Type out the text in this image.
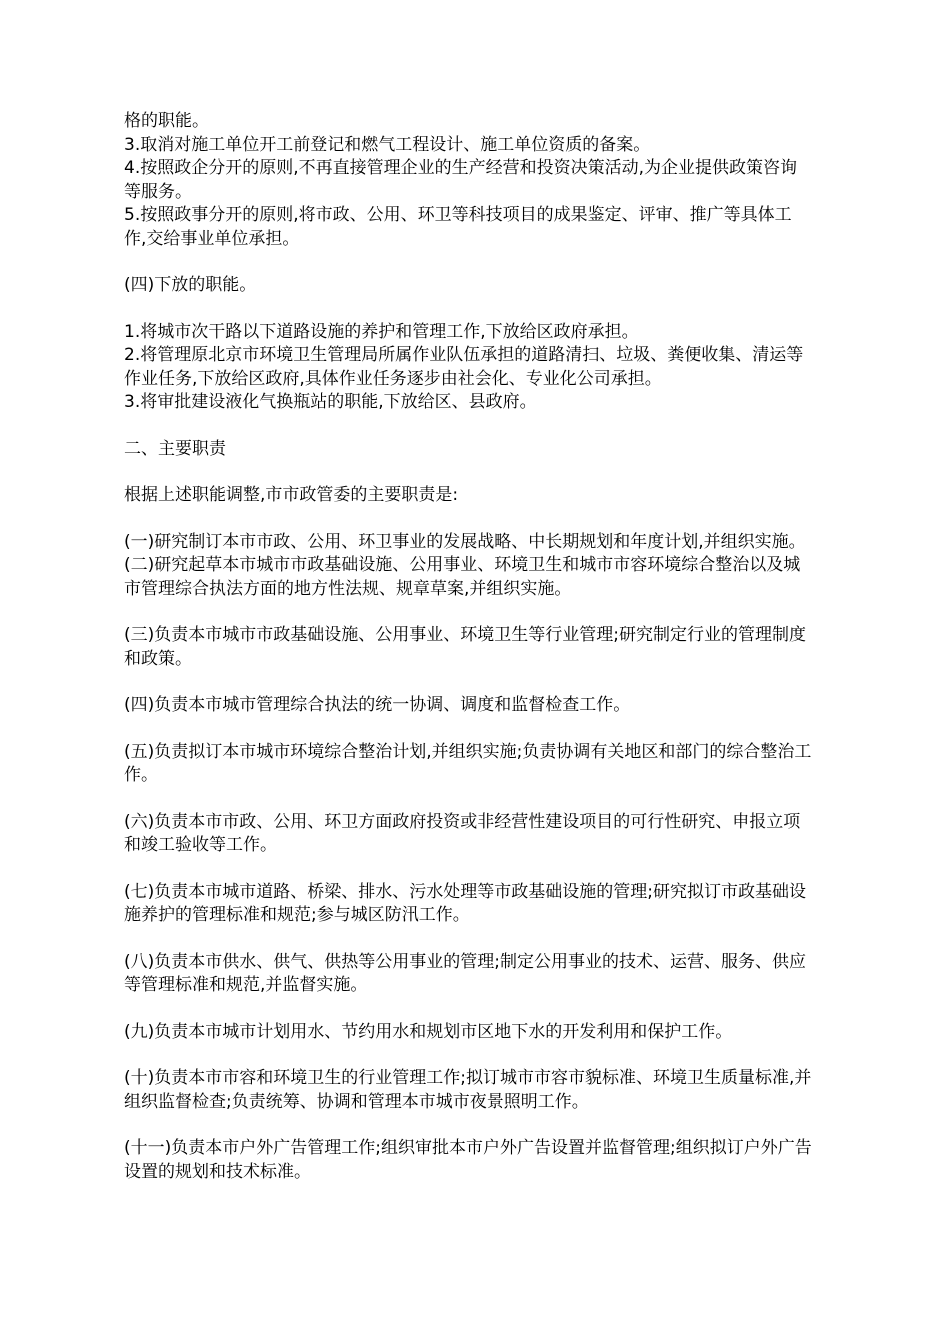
格的职能。
3.取消对施工单位开工前登记和燃气工程设计、施工单位资质的备案。
4.按照政企分开的原则,不再直接管理企业的生产经营和投资决策活动,为企业提供政策咨询
等服务。
5.按照政事分开的原则,将市政、公用、环卫等科技项目的成果鉴定、评审、推广等具体工
作,交给事业单位承担。
(四)下放的职能。
1.将城市次干路以下道路设施的养护和管理工作,下放给区政府承担。
2.将管理原北京市环境卫生管理局所属作业队伍承担的道路清扫、垃圾、粪便收集、清运等
作业任务,下放给区政府,具体作业任务逐步由社会化、专业化公司承担。
3.将审批建设液化气换瓶站的职能,下放给区、县政府。
二、主要职责
根据上述职能调整,市市政管委的主要职责是:
(一)研究制订本市市政、公用、环卫事业的发展战略、中长期规划和年度计划,并组织实施。
(二)研究起草本市城市市政基础设施、公用事业、环境卫生和城市市容环境综合整治以及城
市管理综合执法方面的地方性法规、规章草案,并组织实施。
(三)负责本市城市市政基础设施、公用事业、环境卫生等行业管理;研究制定行业的管理制度
和政策。
(四)负责本市城市管理综合执法的统一协调、调度和监督检查工作。
(五)负责拟订本市城市环境综合整治计划,并组织实施;负责协调有关地区和部门的综合整治工
作。
(六)负责本市市政、公用、环卫方面政府投资或非经营性建设项目的可行性研究、申报立项
和竣工验收等工作。
(七)负责本市城市道路、桥梁、排水、污水处理等市政基础设施的管理;研究拟订市政基础设
施养护的管理标准和规范;参与城区防汛工作。
(八)负责本市供水、供气、供热等公用事业的管理;制定公用事业的技术、运营、服务、供应
等管理标准和规范,并监督实施。
(九)负责本市城市计划用水、节约用水和规划市区地下水的开发利用和保护工作。
(十)负责本市市容和环境卫生的行业管理工作;拟订城市市容市貌标准、环境卫生质量标准,并
组织监督检查;负责统筹、协调和管理本市城市夜景照明工作。
(十一)负责本市户外广告管理工作;组织审批本市户外广告设置并监督管理;组织拟订户外广告
设置的规划和技术标准。
